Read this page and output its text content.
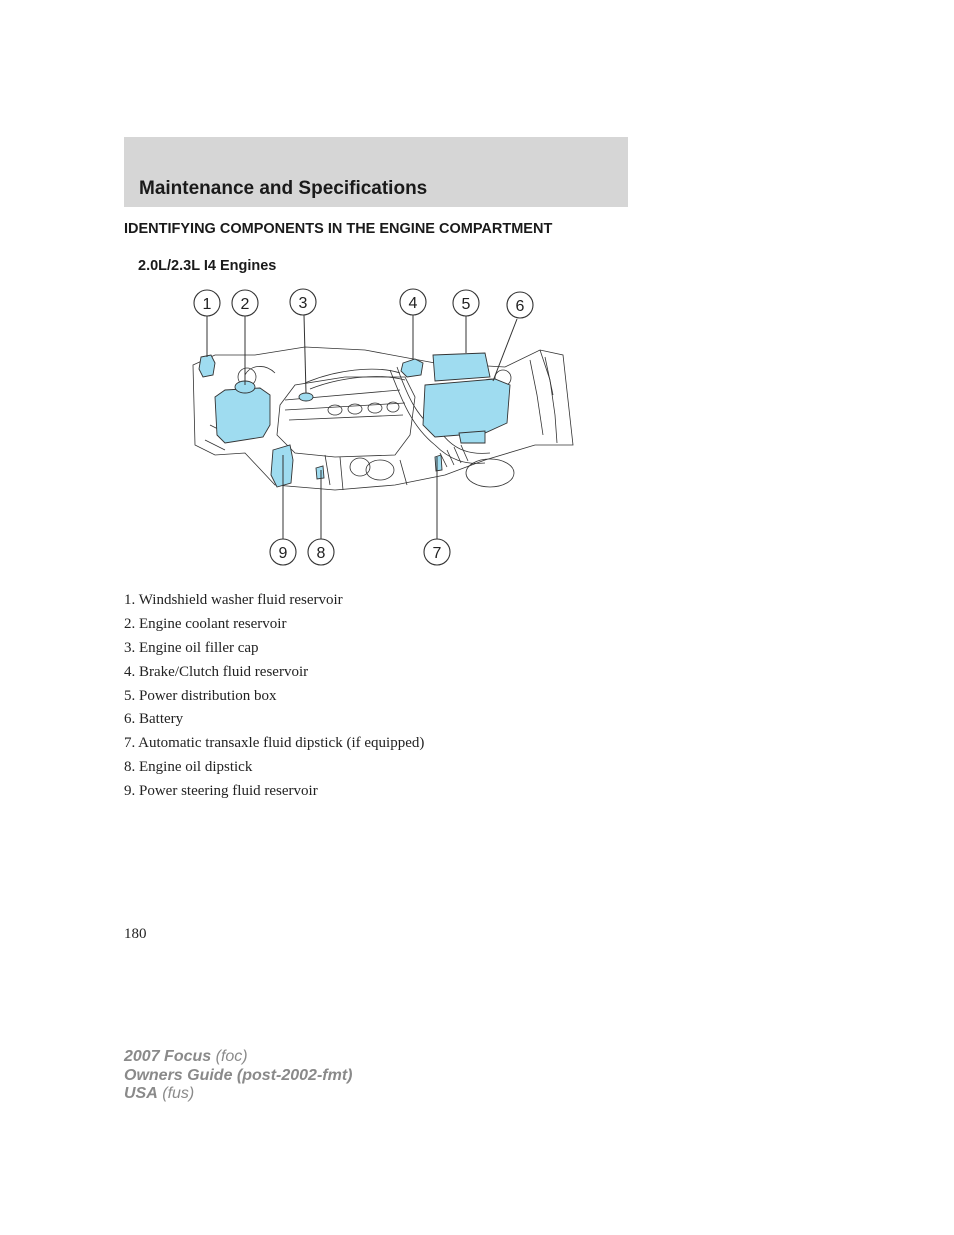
Maintenance and Specifications
IDENTIFYING COMPONENTS IN THE ENGINE COMPARTMENT
2.0L/2.3L I4 Engines
1 2	3	4	5	6
9 8	7
1. Windshield washer fluid reservoir
2. Engine coolant reservoir
3. Engine oil filler cap
4. Brake/Clutch fluid reservoir
5. Power distribution box
6. Battery
7. Automatic transaxle fluid dipstick (if equipped)
8. Engine oil dipstick
9. Power steering fluid reservoir
180
2007 Focus (foc)
Owners Guide (post-2002-fmt)
USA (fus)
